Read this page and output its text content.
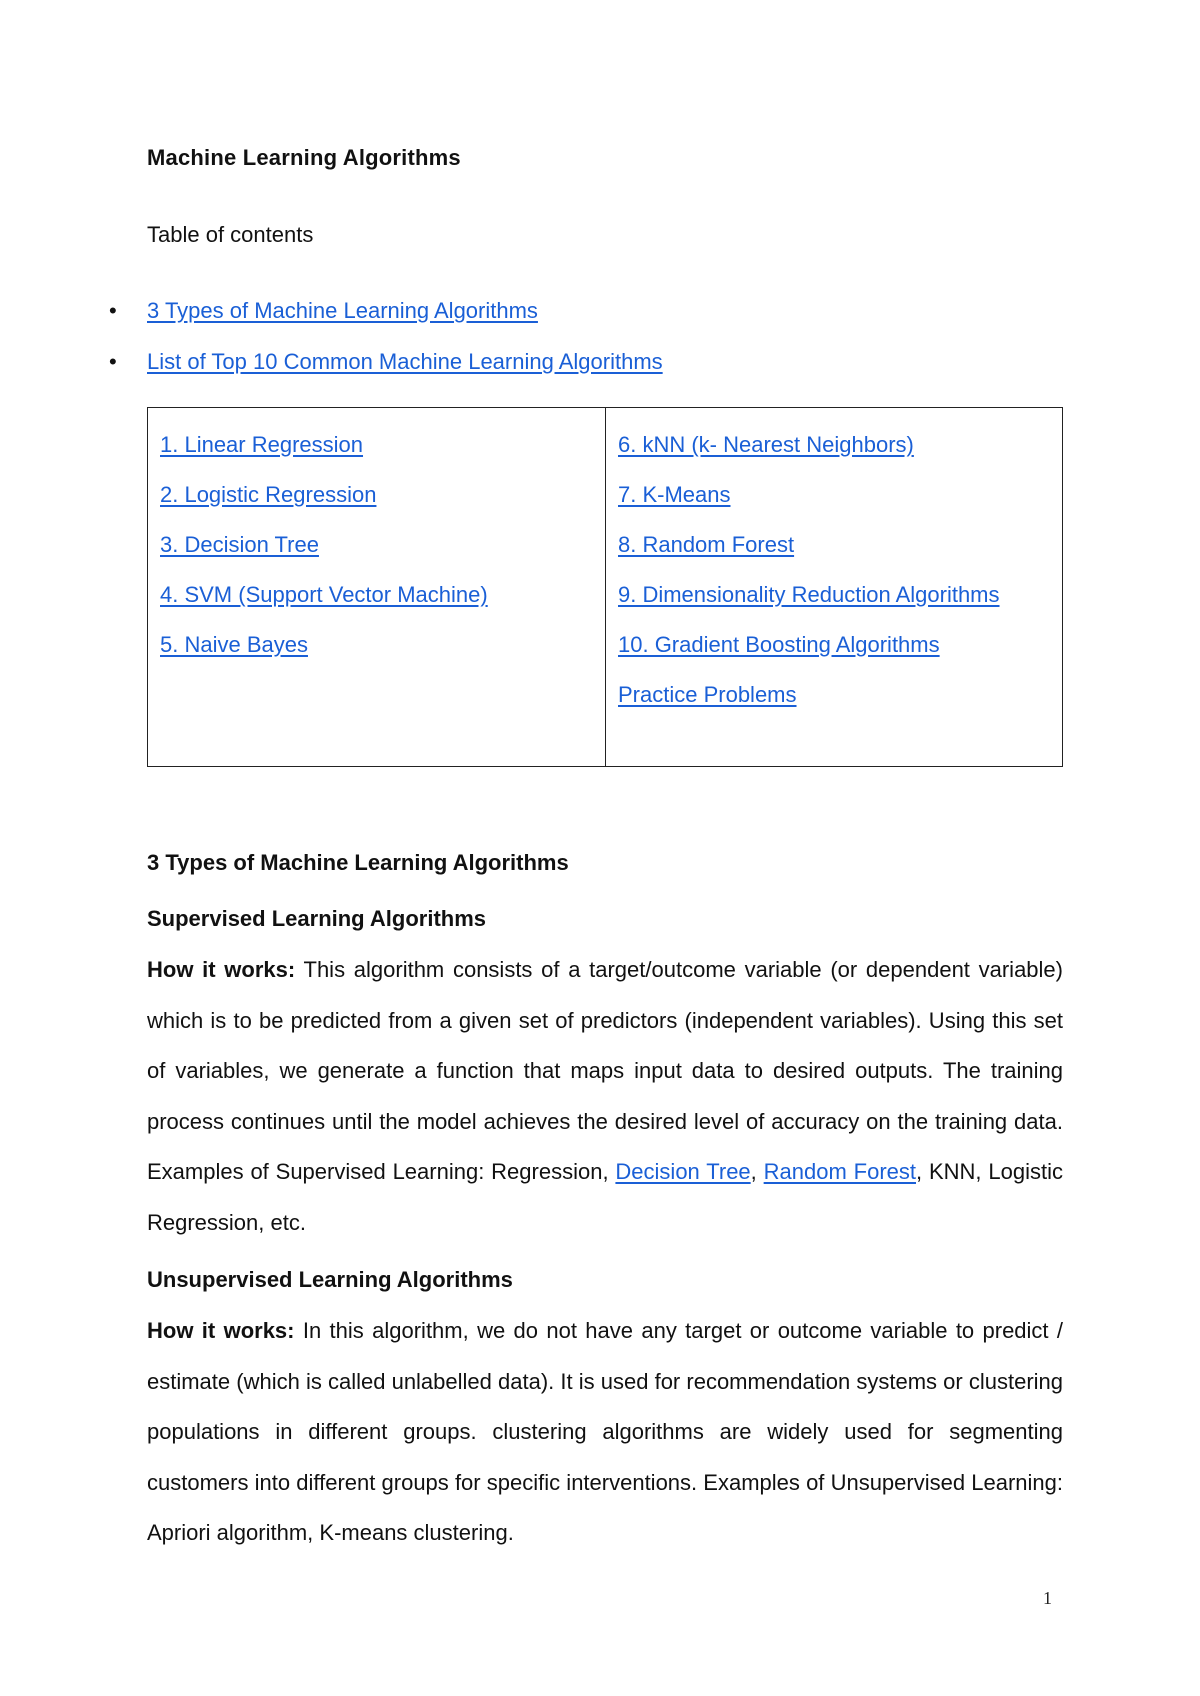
Machine Learning Algorithms
Table of contents
• 3 Types of Machine Learning Algorithms
• List of Top 10 Common Machine Learning Algorithms
1. Linear Regression
2. Logistic Regression
3. Decision Tree
4. SVM (Support Vector Machine)
5. Naive Bayes
6. kNN (k- Nearest Neighbors)
7. K-Means
8. Random Forest
9. Dimensionality Reduction Algorithms
10. Gradient Boosting Algorithms
Practice Problems
3 Types of Machine Learning Algorithms
Supervised Learning Algorithms
How it works: This algorithm consists of a target/outcome variable (or dependent variable) which is to be predicted from a given set of predictors (independent variables). Using this set of variables, we generate a function that maps input data to desired outputs. The training process continues until the model achieves the desired level of accuracy on the training data. Examples of Supervised Learning: Regression, Decision Tree, Random Forest, KNN, Logistic Regression, etc.
Unsupervised Learning Algorithms
How it works: In this algorithm, we do not have any target or outcome variable to predict / estimate (which is called unlabelled data). It is used for recommendation systems or clustering populations in different groups. clustering algorithms are widely used for segmenting customers into different groups for specific interventions. Examples of Unsupervised Learning: Apriori algorithm, K-means clustering.
1
